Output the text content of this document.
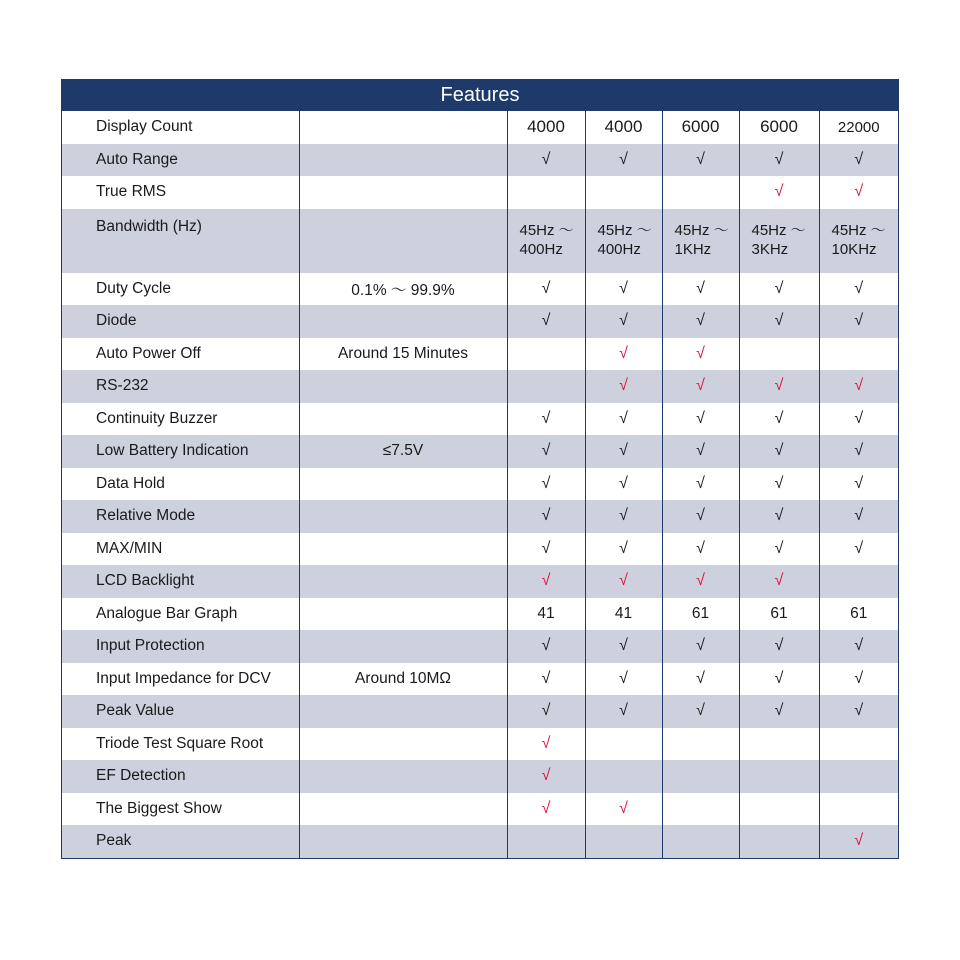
Features
Display Count		4000	4000	6000	6000	22000
Auto Range		√	√	√	√	√
True RMS					√	√
Bandwidth (Hz)		45Hz ～ 400Hz	45Hz ～ 400Hz	45Hz ～ 1KHz	45Hz ～ 3KHz	45Hz ～ 10KHz
Duty Cycle	0.1% ～ 99.9%	√	√	√	√	√
Diode		√	√	√	√	√
Auto Power Off	Around 15 Minutes		√	√		
RS-232			√	√	√	√
Continuity Buzzer		√	√	√	√	√
Low Battery Indication	≤7.5V	√	√	√	√	√
Data Hold		√	√	√	√	√
Relative Mode		√	√	√	√	√
MAX/MIN		√	√	√	√	√
LCD Backlight		√	√	√	√	
Analogue Bar Graph		41	41	61	61	61
Input Protection		√	√	√	√	√
Input Impedance for DCV	Around 10MΩ	√	√	√	√	√
Peak Value		√	√	√	√	√
Triode Test Square Root		√				
EF Detection		√				
The Biggest Show		√	√			
Peak						√
